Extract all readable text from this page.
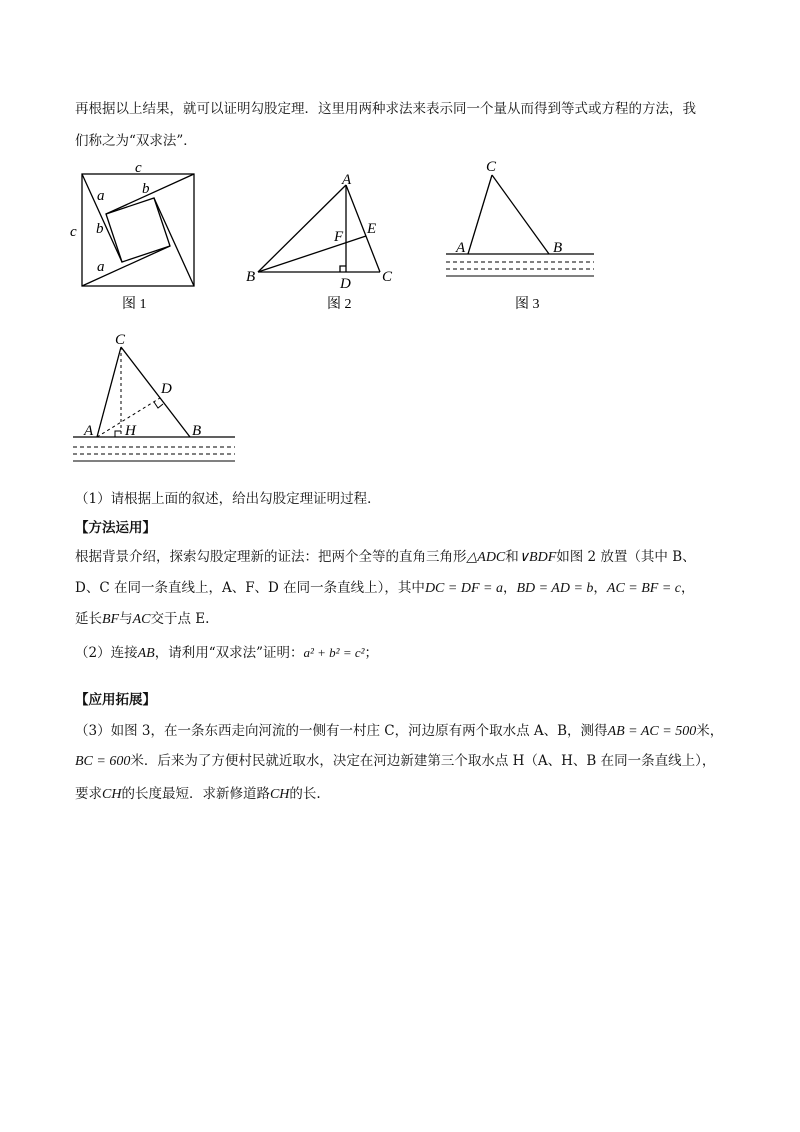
再根据以上结果，就可以证明勾股定理．这里用两种求法来表示同一个量从而得到等式或方程的方法，我
们称之为“双求法”．
c
c
a	b
b
a
图 1
A
B	C
D
E
F
图 2
C
A	B
图 3
C
D
A H	B
（1）请根据上面的叙述，给出勾股定理证明过程．
【方法运用】
根据背景介绍，探索勾股定理新的证法：把两个全等的直角三角形△ADC和∨BDF如图 2 放置（其中 B、
D、C 在同一条直线上，A、F、D 在同一条直线上），其中DC = DF = a，BD = AD = b，AC = BF = c，
延长BF与AC交于点 E.
（2）连接AB，请利用“双求法”证明：a² + b² = c²；
【应用拓展】
（3）如图 3，在一条东西走向河流的一侧有一村庄 C，河边原有两个取水点 A、B，测得AB = AC = 500米，
BC = 600米．后来为了方便村民就近取水，决定在河边新建第三个取水点 H（A、H、B 在同一条直线上），
要求CH的长度最短．求新修道路CH的长.
